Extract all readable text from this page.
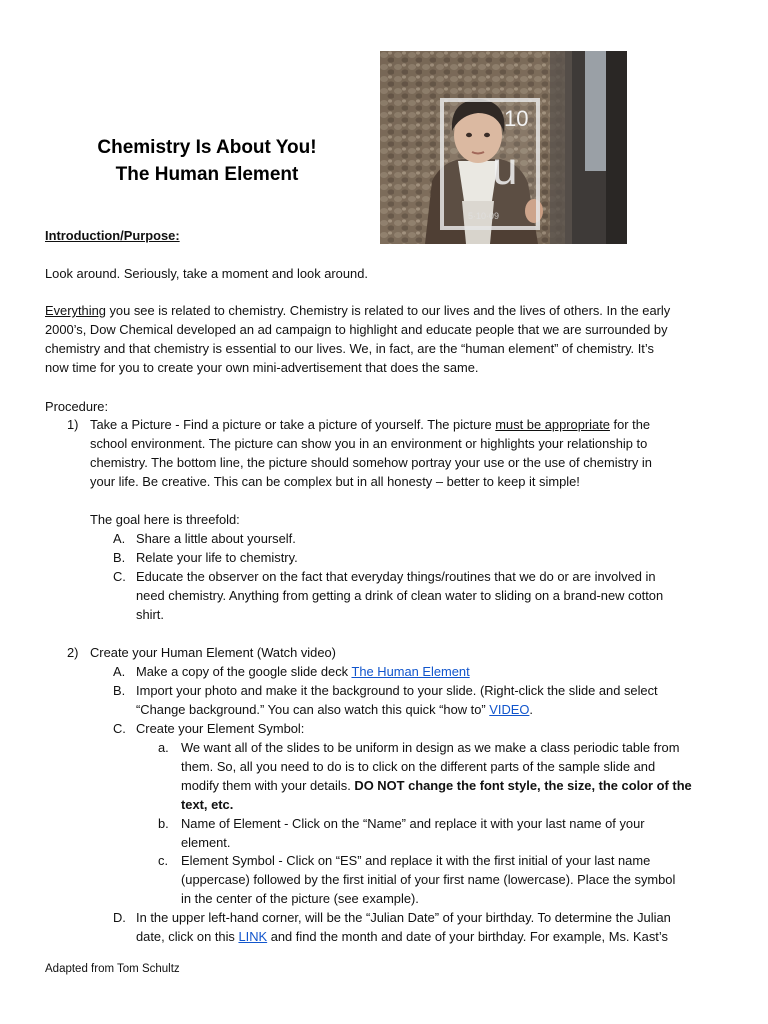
Chemistry Is About You!
The Human Element
10
u
5·10·09
Introduction/Purpose:
Look around. Seriously, take a moment and look around.
Everything you see is related to chemistry. Chemistry is related to our lives and the lives of others. In the early
2000’s, Dow Chemical developed an ad campaign to highlight and educate people that we are surrounded by
chemistry and that chemistry is essential to our lives. We, in fact, are the “human element” of chemistry. It’s
now time for you to create your own mini-advertisement that does the same.
Procedure:
1) Take a Picture - Find a picture or take a picture of yourself. The picture must be appropriate for the
school environment. The picture can show you in an environment or highlights your relationship to
chemistry. The bottom line, the picture should somehow portray your use or the use of chemistry in
your life. Be creative. This can be complex but in all honesty – better to keep it simple!
The goal here is threefold:
A. Share a little about yourself.
B. Relate your life to chemistry.
C. Educate the observer on the fact that everyday things/routines that we do or are involved in
need chemistry. Anything from getting a drink of clean water to sliding on a brand-new cotton
shirt.
2) Create your Human Element (Watch video)
A. Make a copy of the google slide deck The Human Element
B. Import your photo and make it the background to your slide. (Right-click the slide and select
“Change background.” You can also watch this quick “how to” VIDEO.
C. Create your Element Symbol:
a. We want all of the slides to be uniform in design as we make a class periodic table from
them. So, all you need to do is to click on the different parts of the sample slide and
modify them with your details. DO NOT change the font style, the size, the color of the
text, etc.
b. Name of Element - Click on the “Name” and replace it with your last name of your
element.
c. Element Symbol - Click on “ES” and replace it with the first initial of your last name
(uppercase) followed by the first initial of your first name (lowercase). Place the symbol
in the center of the picture (see example).
D. In the upper left-hand corner, will be the “Julian Date” of your birthday. To determine the Julian
date, click on this LINK and find the month and date of your birthday. For example, Ms. Kast’s
Adapted from Tom Schultz
